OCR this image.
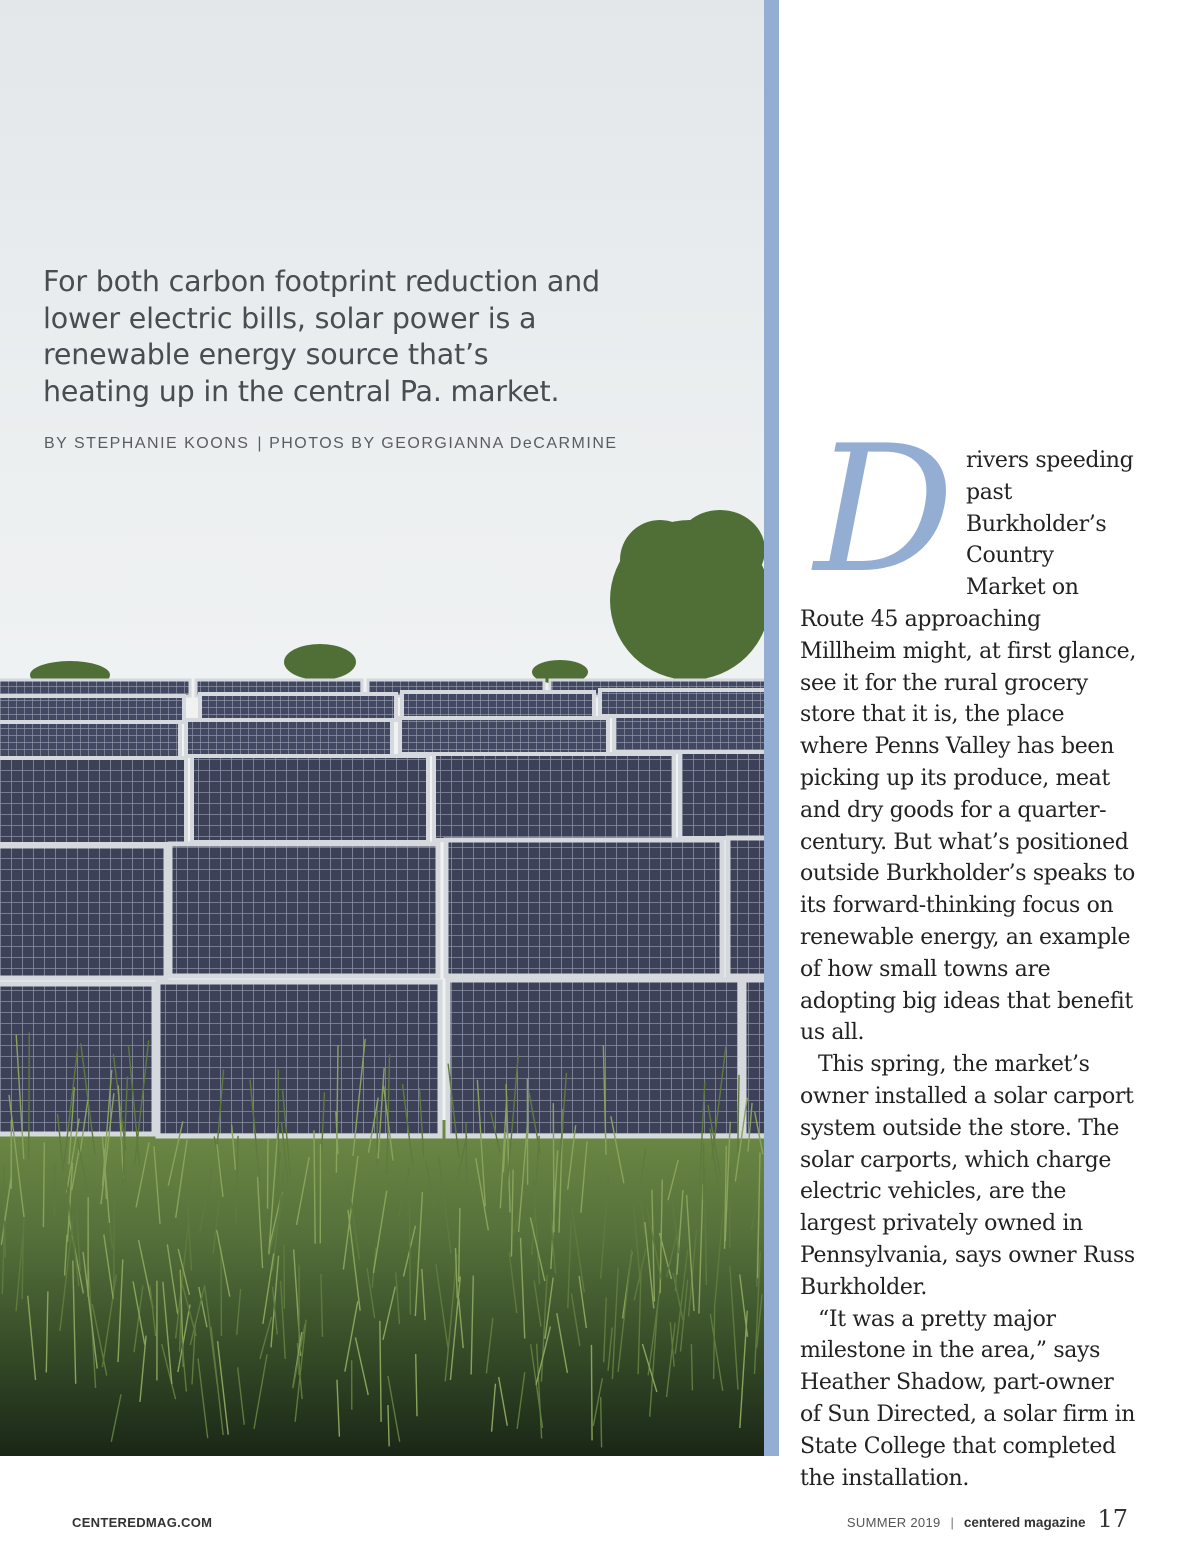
For both carbon footprint reduction and lower electric bills, solar power is a renewable energy source that’s heating up in the central Pa. market.
BY STEPHANIE KOONS | PHOTOS BY GEORGIANNA DeCARMINE D rivers speeding past Burkholder’s Country Market on Route 45 approaching Millheim might, at first glance, see it for the rural grocery store that it is, the place where Penns Valley has been picking up its produce, meat and dry goods for a quarter-century. But what’s positioned outside Burkholder’s speaks to its forward-thinking focus on renewable energy, an example of how small towns are adopting big ideas that benefit us all.

This spring, the market’s owner installed a solar carport system outside the store. The solar carports, which charge electric vehicles, are the largest privately owned in Pennsylvania, says owner Russ Burkholder.

“It was a pretty major milestone in the area,” says Heather Shadow, part-owner of Sun Directed, a solar firm in State College that completed the installation.

CENTEREDMAG.COM	SUMMER 2019 | centered magazine 17
